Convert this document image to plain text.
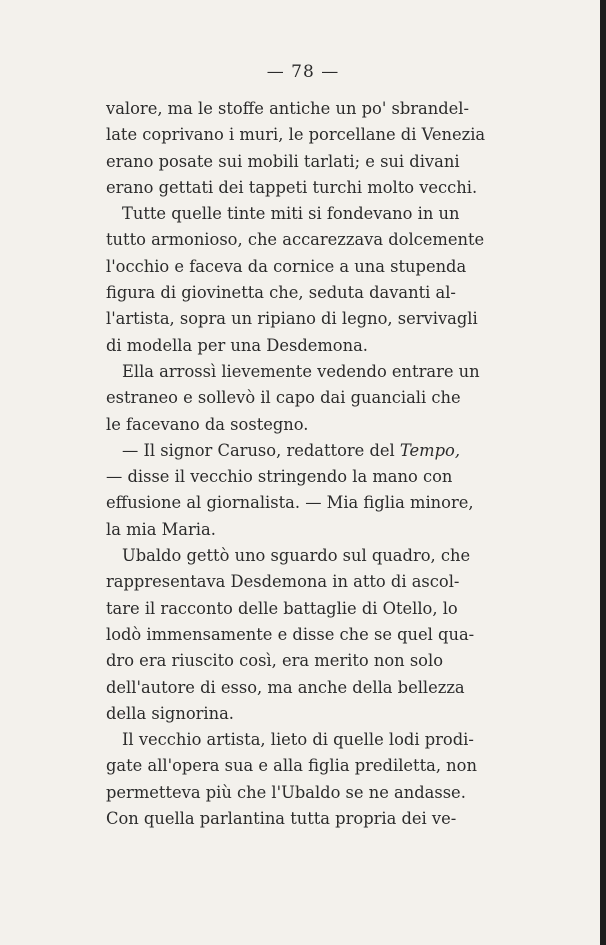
— 78 —

valore, ma le stoffe antiche un po' sbrandel-
late coprivano i muri, le porcellane di Venezia
erano posate sui mobili tarlati; e sui divani
erano gettati dei tappeti turchi molto vecchi.

Tutte quelle tinte miti si fondevano in un
tutto armonioso, che accarezzava dolcemente
l'occhio e faceva da cornice a una stupenda
figura di giovinetta che, seduta davanti al-
l'artista, sopra un ripiano di legno, servivagli
di modella per una Desdemona.

Ella arrossì lievemente vedendo entrare un
estraneo e sollevò il capo dai guanciali che
le facevano da sostegno.

— Il signor Caruso, redattore del Tempo,
— disse il vecchio stringendo la mano con
effusione al giornalista. — Mia figlia minore,
la mia Maria.

Ubaldo gettò uno sguardo sul quadro, che
rappresentava Desdemona in atto di ascol-
tare il racconto delle battaglie di Otello, lo
lodò immensamente e disse che se quel qua-
dro era riuscito così, era merito non solo
dell'autore di esso, ma anche della bellezza
della signorina.

Il vecchio artista, lieto di quelle lodi prodi-
gate all'opera sua e alla figlia prediletta, non
permetteva più che l'Ubaldo se ne andasse.
Con quella parlantina tutta propria dei ve-
